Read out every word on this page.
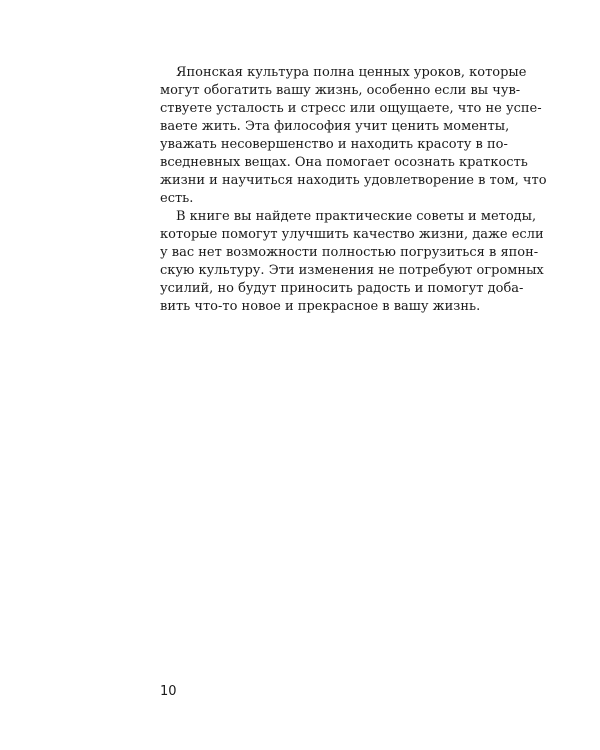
Японская культура полна ценных уроков, которые
могут обогатить вашу жизнь, особенно если вы чув-
ствуете усталость и стресс или ощущаете, что не успе-
ваете жить. Эта философия учит ценить моменты,
уважать несовершенство и находить красоту в по-
вседневных вещах. Она помогает осознать краткость
жизни и научиться находить удовлетворение в том, что
есть.
В книге вы найдете практические советы и методы,
которые помогут улучшить качество жизни, даже если
у вас нет возможности полностью погрузиться в япон-
скую культуру. Эти изменения не потребуют огромных
усилий, но будут приносить радость и помогут добa-
вить что-то новое и прекрасное в вашу жизнь.
10
